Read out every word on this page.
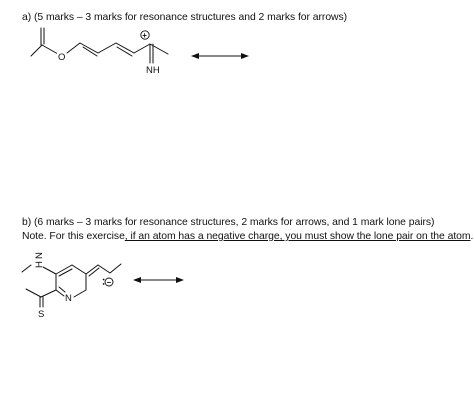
a) (5 marks – 3 marks for resonance structures and 2 marks for arrows)
O
NH
+
H
N
N
−
S
b) (6 marks – 3 marks for resonance structures, 2 marks for arrows, and 1 mark lone pairs)
Note. For this exercise, if an atom has a negative charge, you must show the lone pair on the atom.
